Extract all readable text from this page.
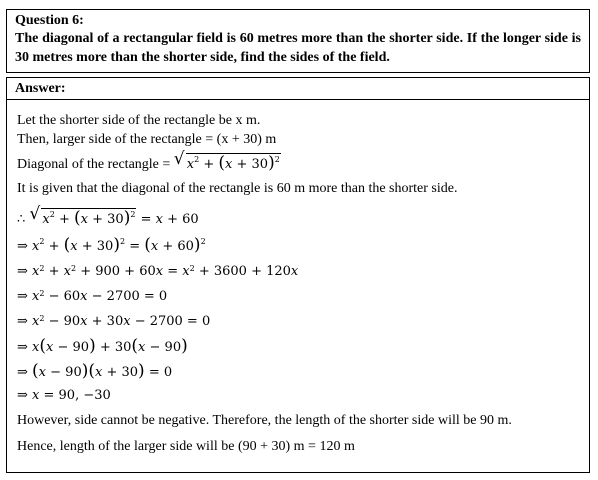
Question 6:
The diagonal of a rectangular field is 60 metres more than the shorter side. If the longer side is 30 metres more than the shorter side, find the sides of the field.
Answer:
Let the shorter side of the rectangle be x m.
Then, larger side of the rectangle = (x + 30) m
Diagonal of the rectangle = √ $x^2 + (x + 30)^2$
It is given that the diagonal of the rectangle is 60 m more than the shorter side.
∴ √ $x^2 + (x + 30)^2 = x + 60$
⇒ $x^2 + (x + 30)^2 = (x + 60)^2$
⇒ $x^2 + x^2 + 900 + 60x = x^2 + 3600 + 120x$
⇒ $x^2 - 60x - 2700 = 0$
⇒ $x^2 - 90x + 30x - 2700 = 0$
⇒ x(x − 90) + 30(x − 90)
⇒ (x − 90)(x + 30) = 0
⇒ x = 90, −30
However, side cannot be negative. Therefore, the length of the shorter side will be 90 m.
Hence, length of the larger side will be (90 + 30) m = 120 m
